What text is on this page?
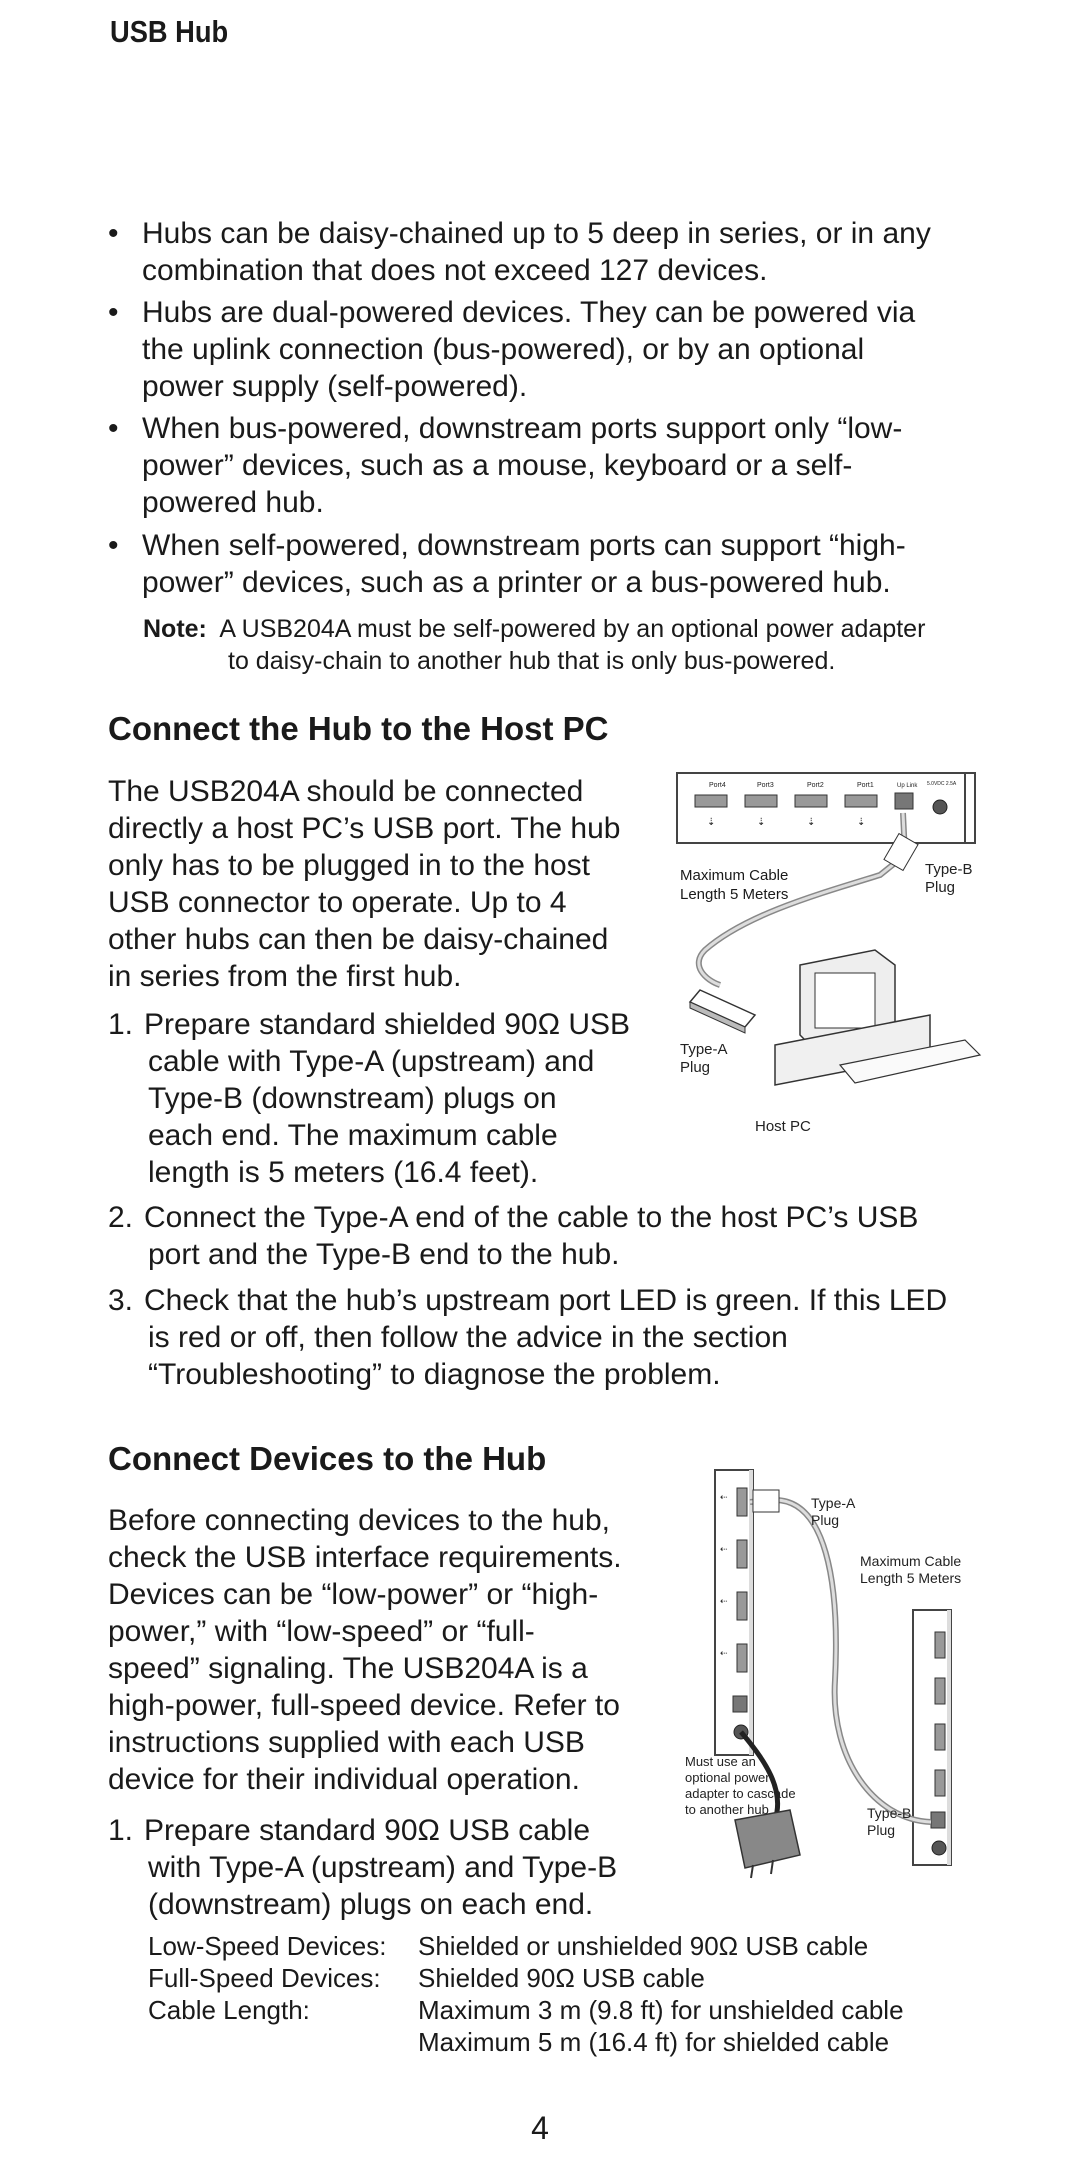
USB Hub
• Hubs can be daisy-chained up to 5 deep in series, or in any
combination that does not exceed 127 devices.
• Hubs are dual-powered devices. They can be powered via
the uplink connection (bus-powered), or by an optional
power supply (self-powered).
• When bus-powered, downstream ports support only “low-
power” devices, such as a mouse, keyboard or a self-
powered hub.
• When self-powered, downstream ports can support “high-
power” devices, such as a printer or a bus-powered hub.
Note: A USB204A must be self-powered by an optional power adapter
to daisy-chain to another hub that is only bus-powered.
Connect the Hub to the Host PC
The USB204A should be connected
directly a host PC’s USB port. The hub
only has to be plugged in to the host
USB connector to operate. Up to 4
other hubs can then be daisy-chained
in series from the first hub.
1. Prepare standard shielded 90Ω USB
cable with Type-A (upstream) and
Type-B (downstream) plugs on
each end. The maximum cable
length is 5 meters (16.4 feet).
2. Connect the Type-A end of the cable to the host PC’s USB
port and the Type-B end to the hub.
3. Check that the hub’s upstream port LED is green. If this LED
is red or off, then follow the advice in the section
“Troubleshooting” to diagnose the problem.
Port4	Port3	Port2	Port1	Up Link 5.0VDC 2.5A
⇣	⇣	⇣	⇣
Type-B
Plug
Type-A
Plug
Host PC
Maximum Cable
Length 5 Meters
Connect Devices to the Hub
Before connecting devices to the hub,
check the USB interface requirements.
Devices can be “low-power” or “high-
power,” with “low-speed” or “full-
speed” signaling. The USB204A is a
high-power, full-speed device. Refer to
instructions supplied with each USB
device for their individual operation.
1. Prepare standard 90Ω USB cable
with Type-A (upstream) and Type-B
(downstream) plugs on each end.
Low-Speed Devices:	Shielded or unshielded 90Ω USB cable
Full-Speed Devices:	Shielded 90Ω USB cable
Cable Length:	Maximum 3 m (9.8 ft) for unshielded cable
Maximum 5 m (16.4 ft) for shielded cable
⇠
⇠
⇠
⇠
Type-A
Plug
Maximum Cable
Length 5 Meters
Must use an
optional power
adapter to cascade
to another hub	Type-B
Plug
4
